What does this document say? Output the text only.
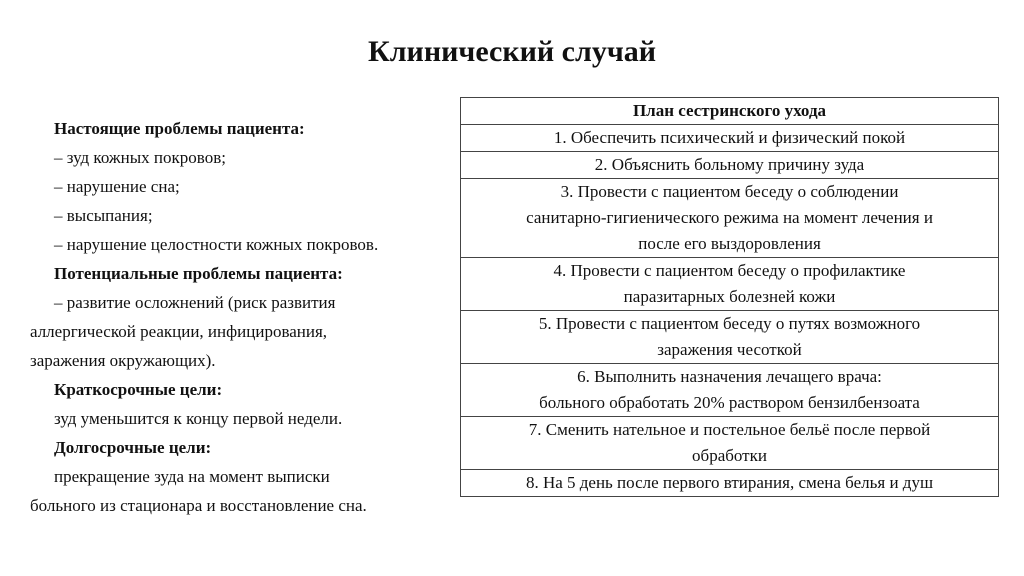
Клинический случай
Настоящие проблемы пациента:
– зуд кожных покровов;
– нарушение сна;
– высыпания;
– нарушение целостности кожных покровов.
Потенциальные проблемы пациента:
– развитие осложнений (риск развития
аллергической реакции, инфицирования,
заражения окружающих).
Краткосрочные цели:
зуд уменьшится к концу первой недели.
Долгосрочные цели:
прекращение зуда на момент выписки
больного из стационара и восстановление сна.
План сестринского ухода

1. Обеспечить психический и физический покой

2. Объяснить больному причину зуда

3. Провести с пациентом беседу о соблюдении
санитарно-гигиенического режима на момент лечения и
после его выздоровления

4. Провести с пациентом беседу о профилактике
паразитарных болезней кожи

5. Провести с пациентом беседу о путях возможного
заражения чесоткой

6. Выполнить назначения лечащего врача:
больного обработать 20% раствором бензилбензоата

7. Сменить нательное и постельное бельё после первой
обработки

8. На 5 день после первого втирания, смена белья и душ
